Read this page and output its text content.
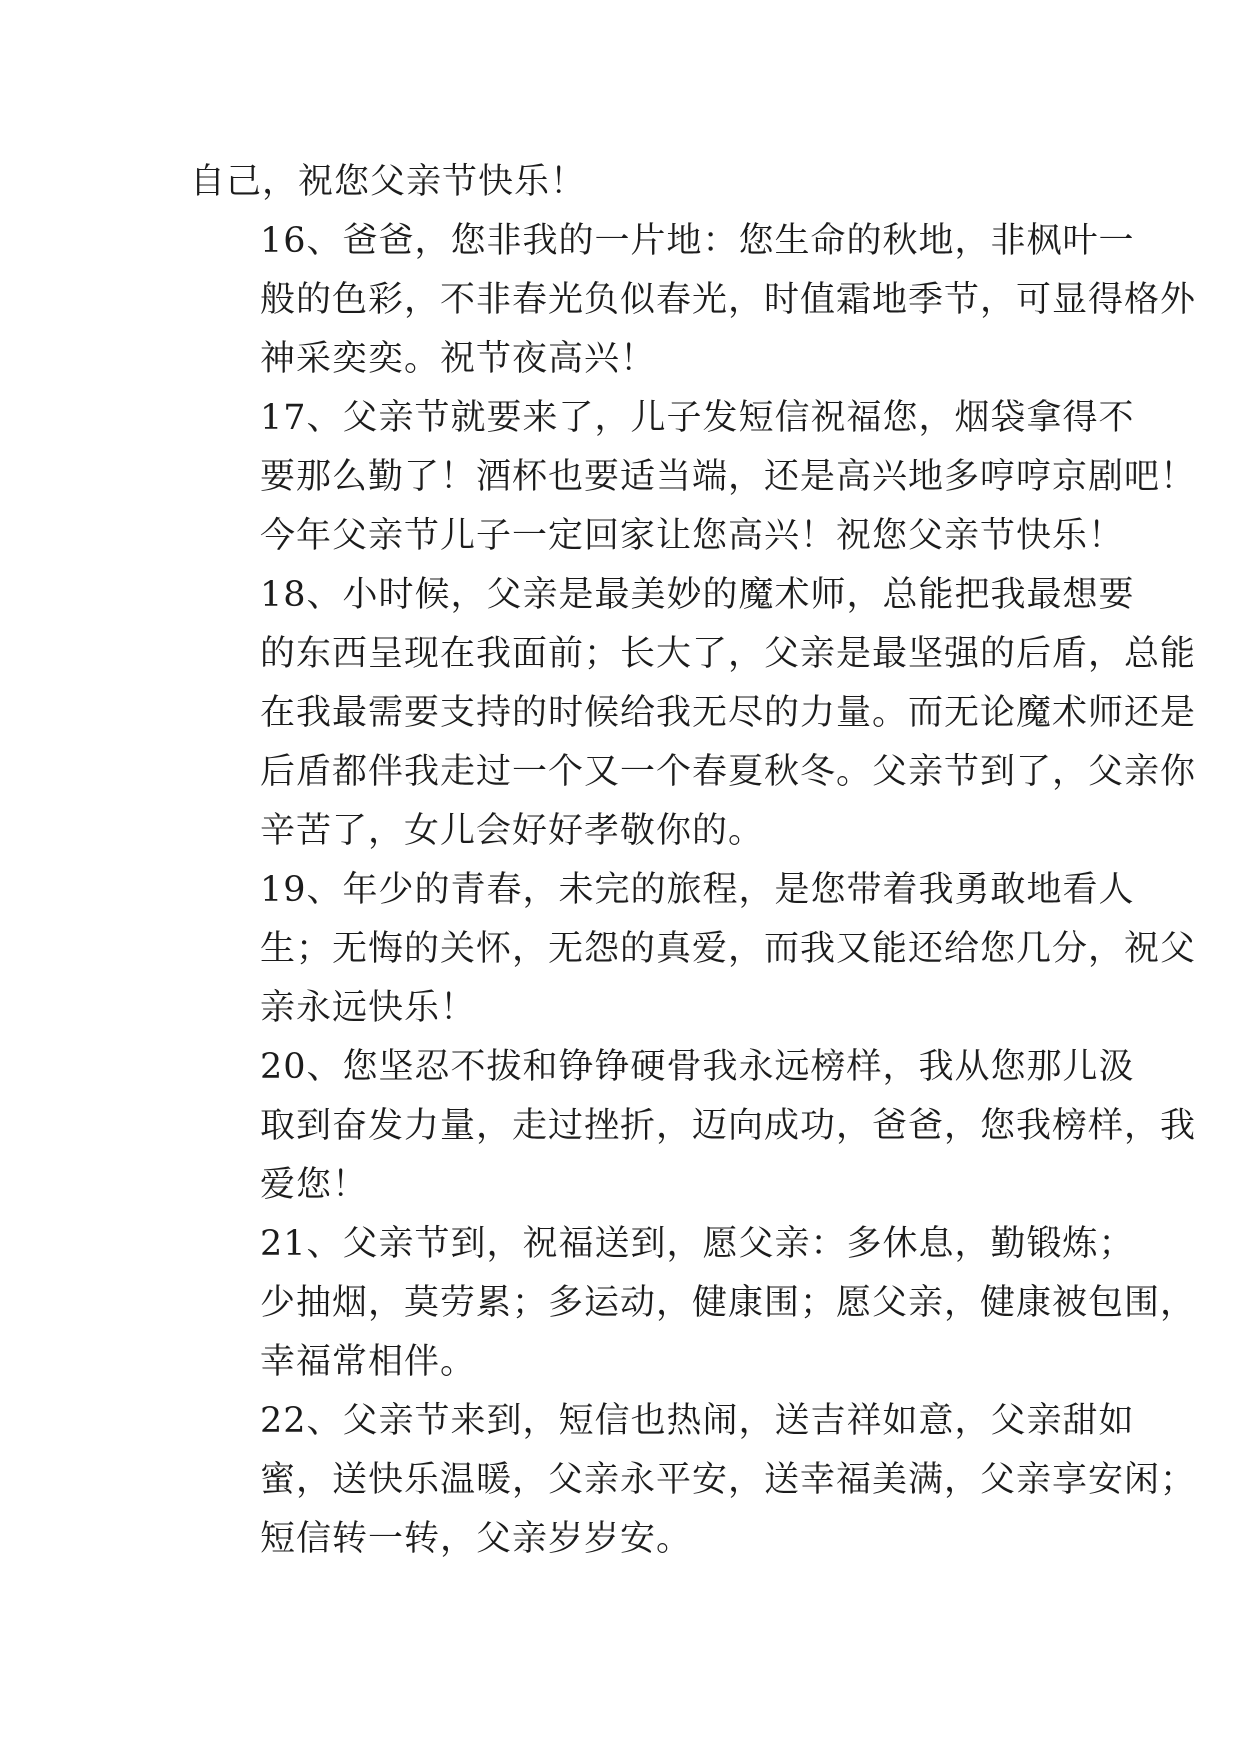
自己，祝您父亲节快乐！

16、爸爸，您非我的一片地：您生命的秋地，非枫叶一
般的色彩，不非春光负似春光，时值霜地季节，可显得格外
神采奕奕。祝节夜高兴！

17、父亲节就要来了，儿子发短信祝福您，烟袋拿得不
要那么勤了！酒杯也要适当端，还是高兴地多哼哼京剧吧！
今年父亲节儿子一定回家让您高兴！祝您父亲节快乐！

18、小时候，父亲是最美妙的魔术师，总能把我最想要
的东西呈现在我面前；长大了，父亲是最坚强的后盾，总能
在我最需要支持的时候给我无尽的力量。而无论魔术师还是
后盾都伴我走过一个又一个春夏秋冬。父亲节到了，父亲你
辛苦了，女儿会好好孝敬你的。

19、年少的青春，未完的旅程，是您带着我勇敢地看人
生；无悔的关怀，无怨的真爱，而我又能还给您几分，祝父
亲永远快乐！

20、您坚忍不拔和铮铮硬骨我永远榜样，我从您那儿汲
取到奋发力量，走过挫折，迈向成功，爸爸，您我榜样，我
爱您！

21、父亲节到，祝福送到，愿父亲：多休息，勤锻炼；
少抽烟，莫劳累；多运动，健康围；愿父亲，健康被包围，
幸福常相伴。

22、父亲节来到，短信也热闹，送吉祥如意，父亲甜如
蜜，送快乐温暖，父亲永平安，送幸福美满，父亲享安闲；
短信转一转，父亲岁岁安。
